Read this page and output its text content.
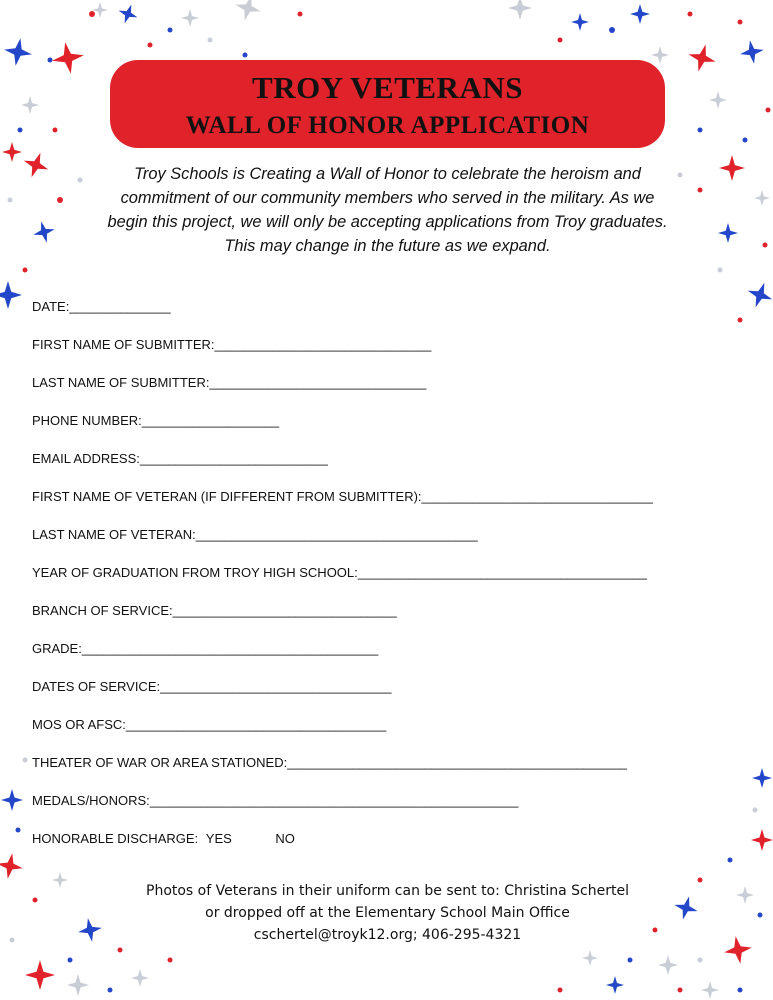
TROY VETERANS
WALL OF HONOR APPLICATION

Troy Schools is Creating a Wall of Honor to celebrate the heroism and commitment of our community members who served in the military. As we begin this project, we will only be accepting applications from Troy graduates. This may change in the future as we expand.

DATE:______________
FIRST NAME OF SUBMITTER:______________________________
LAST NAME OF SUBMITTER:______________________________
PHONE NUMBER:___________________
EMAIL ADDRESS:__________________________
FIRST NAME OF VETERAN (IF DIFFERENT FROM SUBMITTER):________________________________
LAST NAME OF VETERAN:_______________________________________
YEAR OF GRADUATION FROM TROY HIGH SCHOOL:________________________________________
BRANCH OF SERVICE:_______________________________
GRADE:_________________________________________
DATES OF SERVICE:________________________________
MOS OR AFSC:____________________________________
THEATER OF WAR OR AREA STATIONED:_______________________________________________
MEDALS/HONORS:___________________________________________________
HONORABLE DISCHARGE: YES	NO
Photos of Veterans in their uniform can be sent to: Christina Schertel
or dropped off at the Elementary School Main Office
cschertel@troyk12.org; 406-295-4321
